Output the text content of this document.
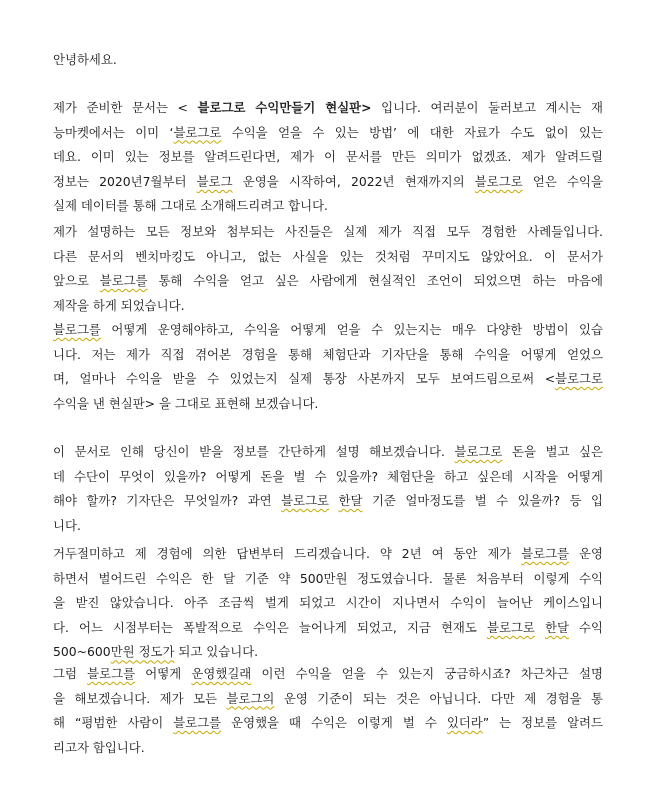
안녕하세요.
제가 준비한 문서는 < 블로그로 수익만들기 현실판> 입니다. 여러분이 둘러보고 계시는 재
능마켓에서는 이미 ‘블로그로 수익을 얻을 수 있는 방법’ 에 대한 자료가 수도 없이 있는
데요. 이미 있는 정보를 알려드린다면, 제가 이 문서를 만든 의미가 없겠죠. 제가 알려드릴
정보는 2020년7월부터 블로그 운영을 시작하여, 2022년 현재까지의 블로그로 얻은 수익을
실제 데이터를 통해 그대로 소개해드리려고 합니다.
제가 설명하는 모든 정보와 첨부되는 사진들은 실제 제가 직접 모두 경험한 사례들입니다.
다른 문서의 벤치마킹도 아니고, 없는 사실을 있는 것처럼 꾸미지도 않았어요. 이 문서가
앞으로 블로그를 통해 수익을 얻고 싶은 사람에게 현실적인 조언이 되었으면 하는 마음에
제작을 하게 되었습니다.
블로그를 어떻게 운영해야하고, 수익을 어떻게 얻을 수 있는지는 매우 다양한 방법이 있습
니다. 저는 제가 직접 겪어본 경험을 통해 체험단과 기자단을 통해 수익을 어떻게 얻었으
며, 얼마나 수익을 받을 수 있었는지 실제 통장 사본까지 모두 보여드림으로써 <블로그로
수익을 낸 현실판> 을 그대로 표현해 보겠습니다.
이 문서로 인해 당신이 받을 정보를 간단하게 설명 해보겠습니다. 블로그로 돈을 벌고 싶은
데 수단이 무엇이 있을까? 어떻게 돈을 벌 수 있을까? 체험단을 하고 싶은데 시작을 어떻게
해야 할까? 기자단은 무엇일까? 과연 블로그로 한달 기준 얼마정도를 벌 수 있을까? 등 입
니다.
거두절미하고 제 경험에 의한 답변부터 드리겠습니다. 약 2년 여 동안 제가 블로그를 운영
하면서 벌어드린 수익은 한 달 기준 약 500만원 정도였습니다. 물론 처음부터 이렇게 수익
을 받진 않았습니다. 아주 조금씩 벌게 되었고 시간이 지나면서 수익이 늘어난 케이스입니
다. 어느 시점부터는 폭발적으로 수익은 늘어나게 되었고, 지금 현재도 블로그로 한달 수익
500~600만원 정도가 되고 있습니다.
그럼 블로그를 어떻게 운영했길래 이런 수익을 얻을 수 있는지 궁금하시죠? 차근차근 설명
을 해보겠습니다. 제가 모든 블로그의 운영 기준이 되는 것은 아닙니다. 다만 제 경험을 통
해 “평범한 사람이 블로그를 운영했을 때 수익은 이렇게 벌 수 있더라” 는 정보를 알려드
리고자 함입니다.
